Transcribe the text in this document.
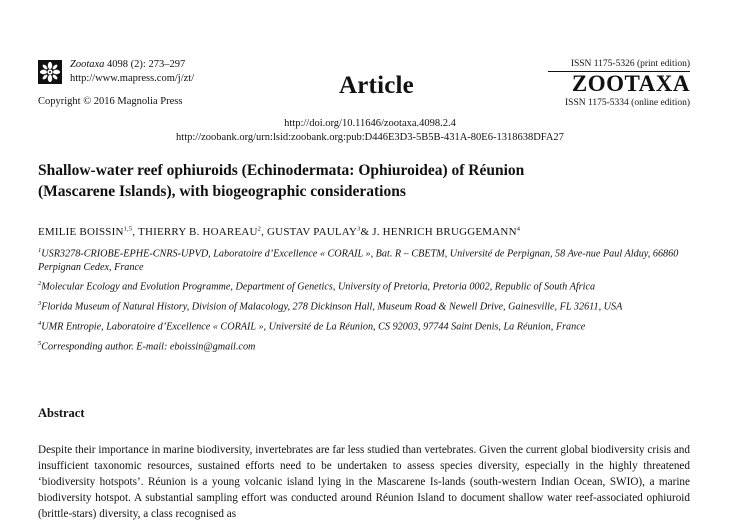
Zootaxa 4098 (2): 273–297
http://www.mapress.com/j/zt/
Copyright © 2016 Magnolia Press
Article
ISSN 1175-5326 (print edition)
ZOOTAXA
ISSN 1175-5334 (online edition)
http://doi.org/10.11646/zootaxa.4098.2.4
http://zoobank.org/urn:lsid:zoobank.org:pub:D446E3D3-5B5B-431A-80E6-1318638DFA27
Shallow-water reef ophiuroids (Echinodermata: Ophiuroidea) of Réunion
(Mascarene Islands), with biogeographic considerations
EMILIE BOISSIN$^{1,5}$, THIERRY B. HOAREAU$^2$, GUSTAV PAULAY$^3$& J. HENRICH BRUGGEMANN$^4$

$^1$USR3278-CRIOBE-EPHE-CNRS-UPVD, Laboratoire d’Excellence « CORAIL », Bat. R – CBETM, Université de Perpignan, 58 Ave-nue Paul Alduy, 66860 Perpignan Cedex, France

$^2$Molecular Ecology and Evolution Programme, Department of Genetics, University of Pretoria, Pretoria 0002, Republic of South Africa

$^3$Florida Museum of Natural History, Division of Malacology, 278 Dickinson Hall, Museum Road & Newell Drive, Gainesville, FL 32611, USA

$^4$UMR Entropie, Laboratoire d’Excellence « CORAIL », Université de La Réunion, CS 92003, 97744 Saint Denis, La Réunion, France

$^5$Corresponding author. E-mail: eboissin@gmail.com

Abstract
Despite their importance in marine biodiversity, invertebrates are far less studied than vertebrates. Given the current global biodiversity crisis and insufficient taxonomic resources, sustained efforts need to be undertaken to assess species diversity, especially in the highly threatened ‘biodiversity hotspots’. Réunion is a young volcanic island lying in the Mascarene Is-lands (south-western Indian Ocean, SWIO), a marine biodiversity hotspot. A substantial sampling effort was conducted around Réunion Island to document shallow water reef-associated ophiuroid (brittle-stars) diversity, a class recognised as
